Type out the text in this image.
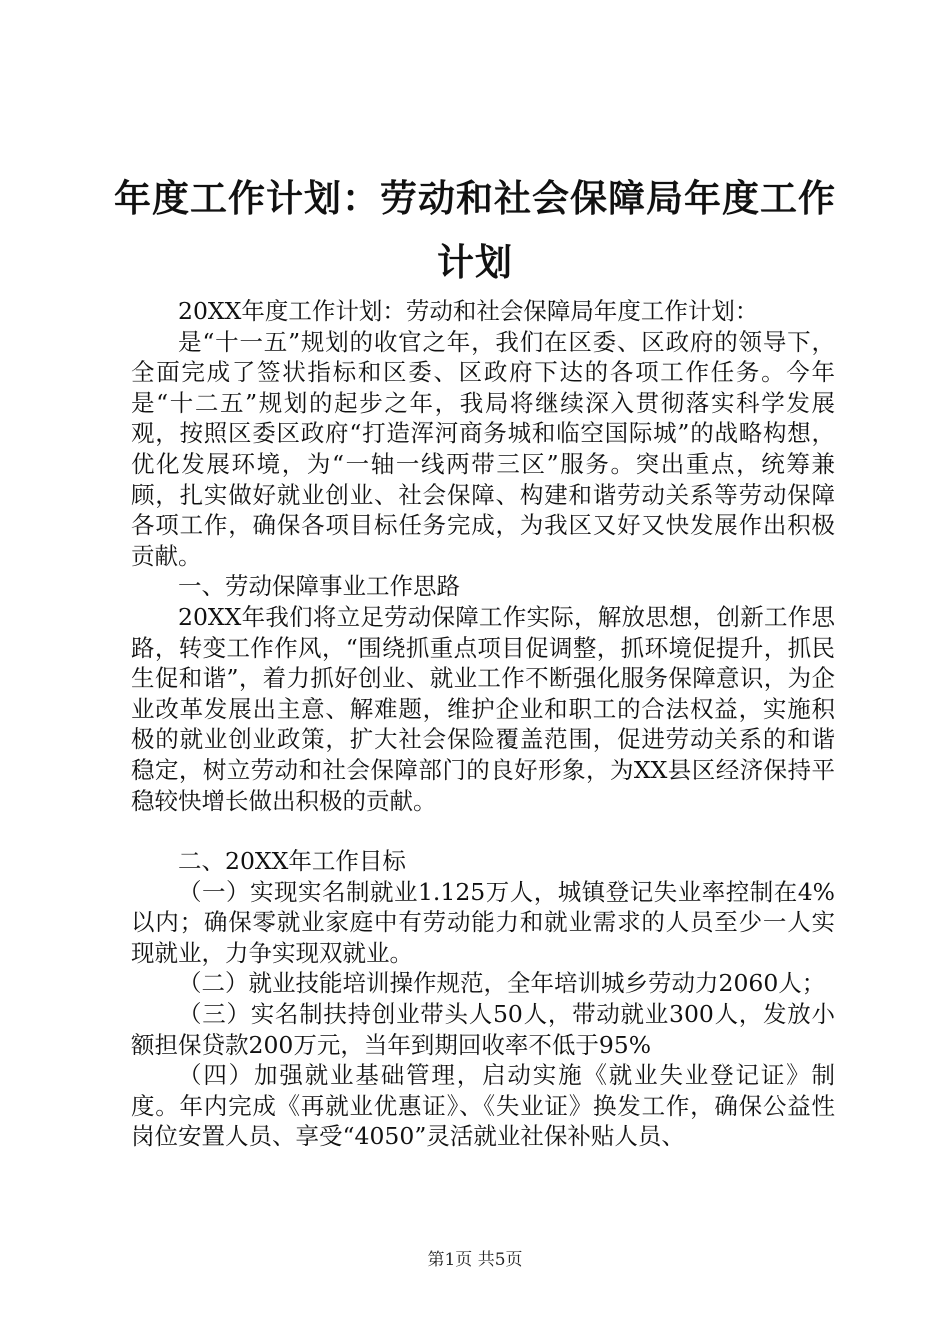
年度工作计划：劳动和社会保障局年度工作计划

20XX年度工作计划：劳动和社会保障局年度工作计划：

是“十一五”规划的收官之年，我们在区委、区政府的领导下，全面完成了签状指标和区委、区政府下达的各项工作任务。今年是“十二五”规划的起步之年，我局将继续深入贯彻落实科学发展观，按照区委区政府“打造浑河商务城和临空国际城”的战略构想，优化发展环境，为“一轴一线两带三区”服务。突出重点，统筹兼顾，扎实做好就业创业、社会保障、构建和谐劳动关系等劳动保障各项工作，确保各项目标任务完成，为我区又好又快发展作出积极贡献。

一、劳动保障事业工作思路

20XX年我们将立足劳动保障工作实际，解放思想，创新工作思路，转变工作作风，“围绕抓重点项目促调整，抓环境促提升，抓民生促和谐”，着力抓好创业、就业工作不断强化服务保障意识，为企业改革发展出主意、解难题，维护企业和职工的合法权益，实施积极的就业创业政策，扩大社会保险覆盖范围，促进劳动关系的和谐稳定，树立劳动和社会保障部门的良好形象，为XX县区经济保持平稳较快增长做出积极的贡献。

二、20XX年工作目标

（一）实现实名制就业1.125万人，城镇登记失业率控制在4%以内；确保零就业家庭中有劳动能力和就业需求的人员至少一人实现就业，力争实现双就业。

（二）就业技能培训操作规范，全年培训城乡劳动力2060人；

（三）实名制扶持创业带头人50人，带动就业300人，发放小额担保贷款200万元，当年到期回收率不低于95%

（四）加强就业基础管理，启动实施《就业失业登记证》制度。年内完成《再就业优惠证》、《失业证》换发工作，确保公益性岗位安置人员、享受“4050”灵活就业社保补贴人员、

第1页 共5页
